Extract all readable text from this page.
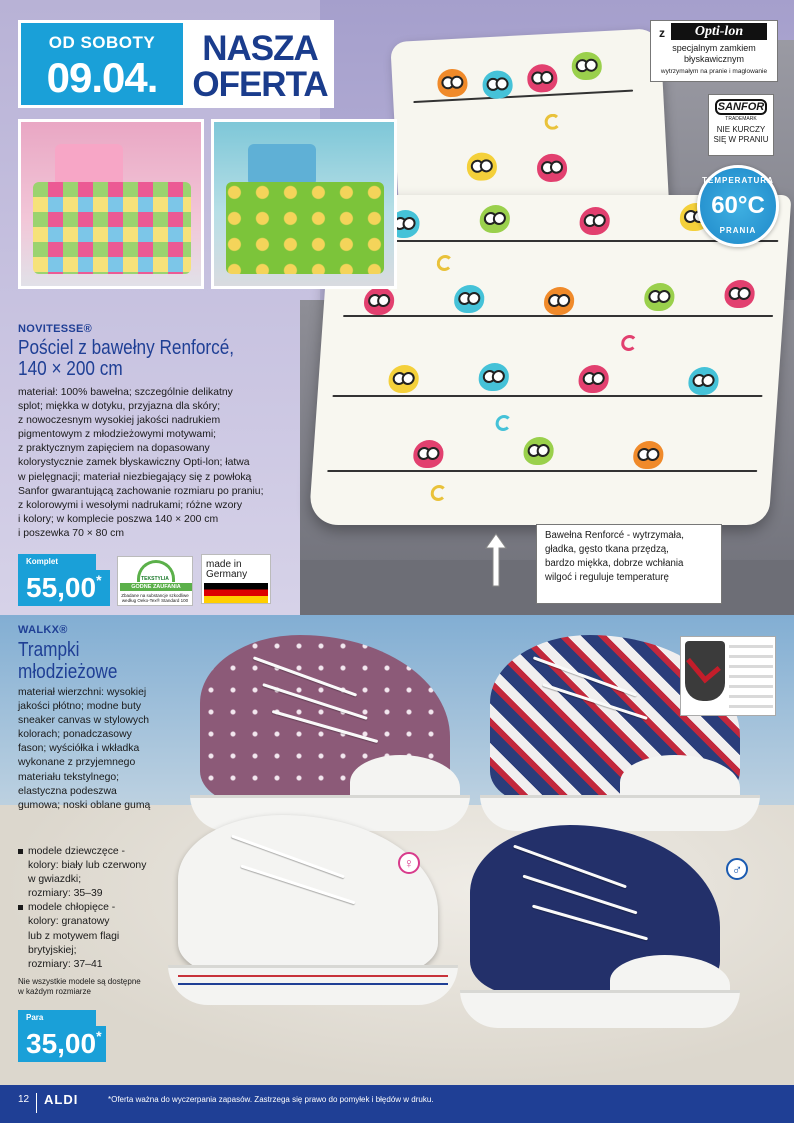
OD SOBOTY
09.04.
NASZA
OFERTA
z	Opti-lon
specjalnym zamkiem
błyskawicznym
wytrzymałym na pranie i maglowanie
SANFOR
TRADEMARK
NIE KURCZY
SIĘ W PRANIU
TEMPERATURA
60°C
PRANIA
NOVITESSE®
Pościel z bawełny Renforcé,
140 × 200 cm
materiał: 100% bawełna; szczególnie delikatny
splot; miękka w dotyku, przyjazna dla skóry;
z nowoczesnym wysokiej jakości nadrukiem
pigmentowym z młodzieżowymi motywami;
z praktycznym zapięciem na dopasowany
kolorystycznie zamek błyskawiczny Opti-lon; łatwa
w pielęgnacji; materiał niezbiegający się z powłoką
Sanfor gwarantującą zachowanie rozmiaru po praniu;
z kolorowymi i wesołymi nadrukami; różne wzory
i kolory; w komplecie poszwa 140 × 200 cm
i poszewka 70 × 80 cm
Komplet
55,00*	TEKSTYLIA
GODNE ZAUFANIA
Zbadane na substancje szkodliwe według Oeko-Tex® Standard 100
made in
Germany
Bawełna Renforcé - wytrzymała,
gładka, gęsto tkana przędzą,
bardzo miękka, dobrze wchłania
wilgoć i reguluje temperaturę
♀	♂
WALKX®
Trampki
młodzieżowe
materiał wierzchni: wysokiej
jakości płótno; modne buty
sneaker canvas w stylowych
kolorach; ponadczasowy
fason; wyściółka i wkładka
wykonane z przyjemnego
materiału tekstylnego;
elastyczna podeszwa
gumowa; noski oblane gumą
modele dziewczęce -
kolory: biały lub czerwony
w gwiazdki;
rozmiary: 35–39
modele chłopięce -
kolory: granatowy
lub z motywem flagi
brytyjskiej;
rozmiary: 37–41
Nie wszystkie modele są dostępne
w każdym rozmiarze
Para
35,00*
12 ALDI	*Oferta ważna do wyczerpania zapasów. Zastrzega się prawo do pomyłek i błędów w druku.
